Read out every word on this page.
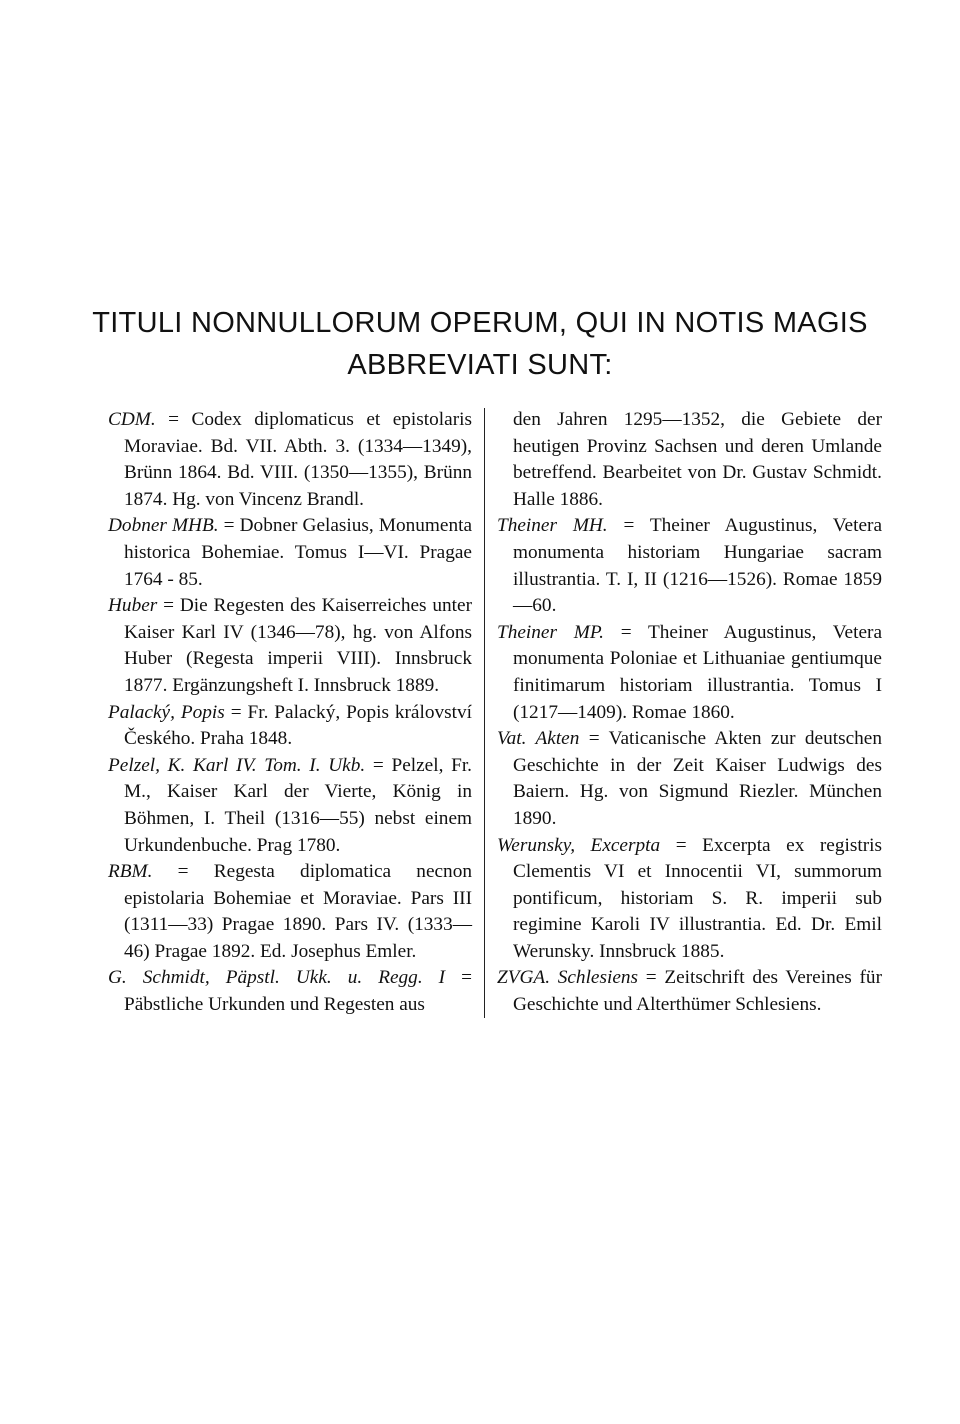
TITULI NONNULLORUM OPERUM, QUI IN NOTIS MAGIS
ABBREVIATI SUNT:

CDM. = Codex diplomaticus et epistolaris Moraviae. Bd. VII. Abth. 3. (1334—1349), Brünn 1864. Bd. VIII. (1350—1355), Brünn 1874. Hg. von Vincenz Brandl.

Dobner MHB. = Dobner Gelasius, Monumenta historica Bohemiae. Tomus I—VI. Pragae 1764 - 85.

Huber = Die Regesten des Kaiserreiches unter Kaiser Karl IV (1346—78), hg. von Alfons Huber (Regesta imperii VIII). Innsbruck 1877. Ergänzungsheft I. Innsbruck 1889.

Palacký, Popis = Fr. Palacký, Popis království Českého. Praha 1848.

Pelzel, K. Karl IV. Tom. I. Ukb. = Pelzel, Fr. M., Kaiser Karl der Vierte, König in Böhmen, I. Theil (1316—55) nebst einem Urkundenbuche. Prag 1780.

RBM. = Regesta diplomatica necnon epistolaria Bohemiae et Moraviae. Pars III (1311—33) Pragae 1890. Pars IV. (1333—46) Pragae 1892. Ed. Josephus Emler.

G. Schmidt, Päpstl. Ukk. u. Regg. I = Päbstliche Urkunden und Regesten aus

den Jahren 1295—1352, die Gebiete der heutigen Provinz Sachsen und deren Umlande betreffend. Bearbeitet von Dr. Gustav Schmidt. Halle 1886.

Theiner MH. = Theiner Augustinus, Vetera monumenta historiam Hungariae sacram illustrantia. T. I, II (1216—1526). Romae 1859—60.

Theiner MP. = Theiner Augustinus, Vetera monumenta Poloniae et Lithuaniae gentiumque finitimarum historiam illustrantia. Tomus I (1217—1409). Romae 1860.

Vat. Akten = Vaticanische Akten zur deutschen Geschichte in der Zeit Kaiser Ludwigs des Baiern. Hg. von Sigmund Riezler. München 1890.

Werunsky, Excerpta = Excerpta ex registris Clementis VI et Innocentii VI, summorum pontificum, historiam S. R. imperii sub regimine Karoli IV illustrantia. Ed. Dr. Emil Werunsky. Innsbruck 1885.

ZVGA. Schlesiens = Zeitschrift des Vereines für Geschichte und Alterthümer Schlesiens.
